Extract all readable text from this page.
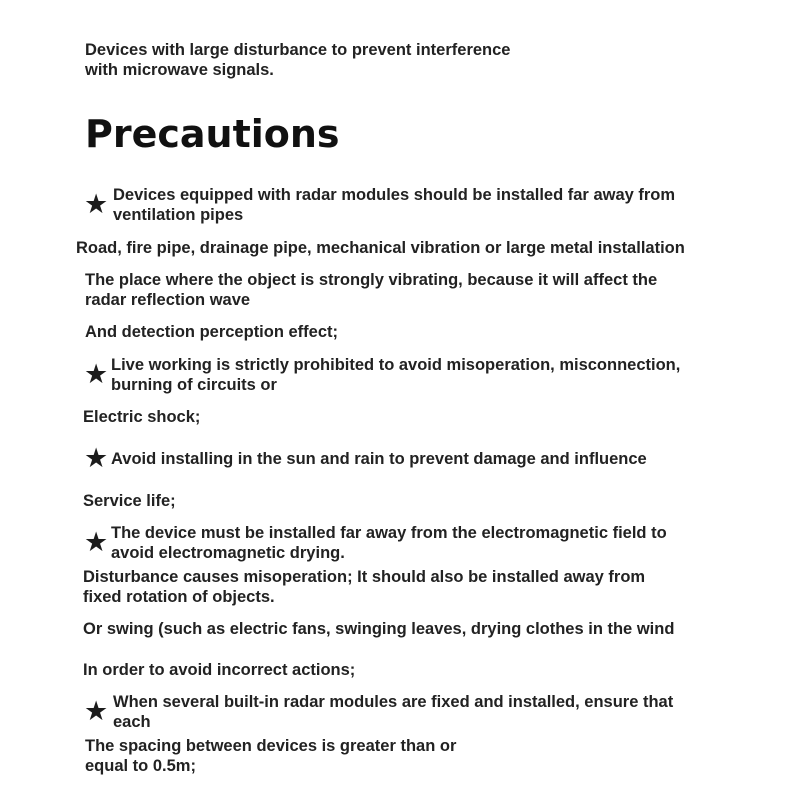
Devices with large disturbance to prevent interference

with microwave signals.

Precautions
★ Devices equipped with radar modules should be installed far away from

ventilation pipes

Road, fire pipe, drainage pipe, mechanical vibration or large metal installation

The place where the object is strongly vibrating, because it will affect the

radar reflection wave

And detection perception effect;

★ Live working is strictly prohibited to avoid misoperation, misconnection,

burning of circuits or

Electric shock;

★ Avoid installing in the sun and rain to prevent damage and influence

Service life;

★ The device must be installed far away from the electromagnetic field to

avoid electromagnetic drying.

Disturbance causes misoperation; It should also be installed away from

fixed rotation of objects.

Or swing (such as electric fans, swinging leaves, drying clothes in the wind

In order to avoid incorrect actions;

★ When several built-in radar modules are fixed and installed, ensure that

each

The spacing between devices is greater than or

equal to 0.5m;
